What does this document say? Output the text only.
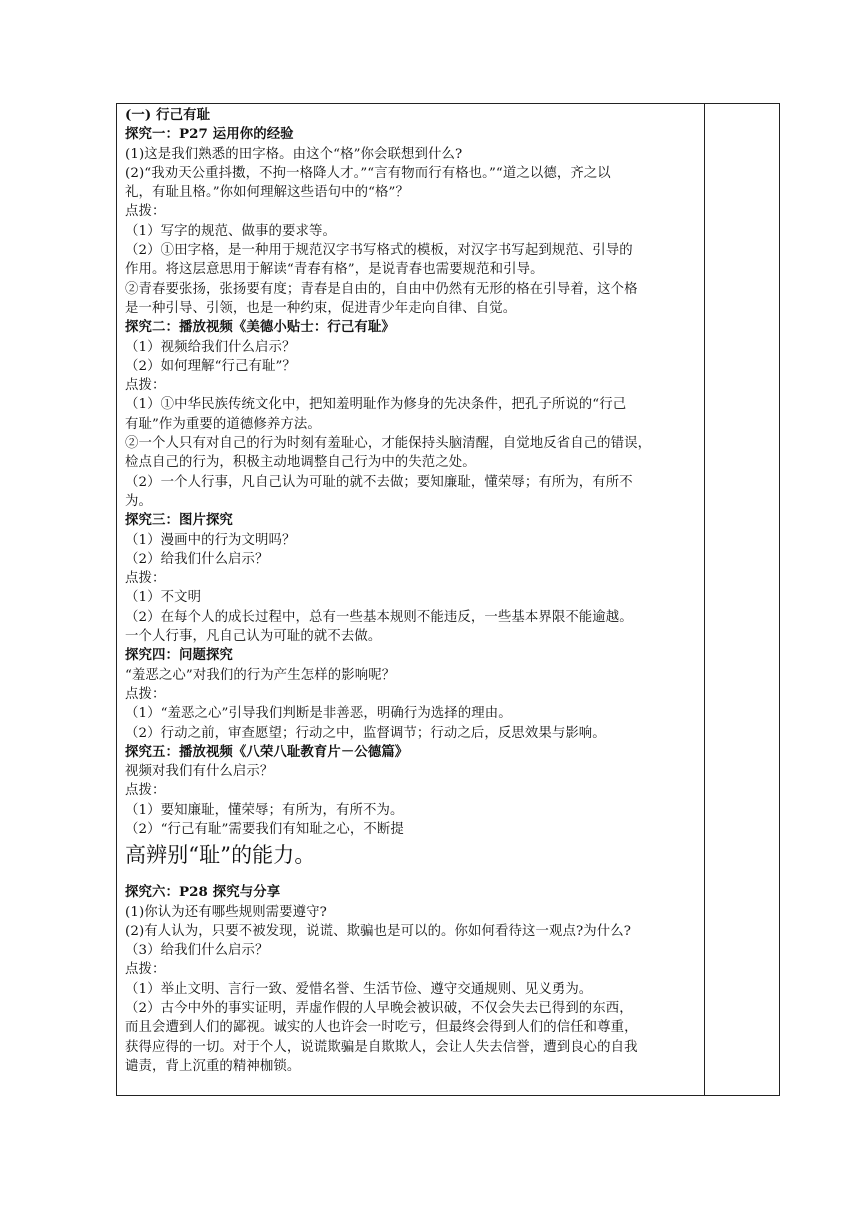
(一) 行己有耻
探究一：P27 运用你的经验
(1)这是我们熟悉的田字格。由这个“格”你会联想到什么?
(2)“我劝天公重抖擞，不拘一格降人才。”“言有物而行有格也。”“道之以德，齐之以
礼，有耻且格。”你如何理解这些语句中的“格”？
点拨：
（1）写字的规范、做事的要求等。
（2）①田字格，是一种用于规范汉字书写格式的模板，对汉字书写起到规范、引导的
作用。将这层意思用于解读“青春有格”，是说青春也需要规范和引导。
②青春要张扬，张扬要有度；青春是自由的，自由中仍然有无形的格在引导着，这个格
是一种引导、引领，也是一种约束，促进青少年走向自律、自觉。
探究二：播放视频《美德小贴士：行己有耻》
（1）视频给我们什么启示？
（2）如何理解“行己有耻”？
点拨：
（1）①中华民族传统文化中，把知羞明耻作为修身的先决条件，把孔子所说的“行己
有耻”作为重要的道德修养方法。
②一个人只有对自己的行为时刻有羞耻心，才能保持头脑清醒，自觉地反省自己的错误，
检点自己的行为，积极主动地调整自己行为中的失范之处。
（2）一个人行事，凡自己认为可耻的就不去做；要知廉耻，懂荣辱；有所为，有所不
为。
探究三：图片探究
（1）漫画中的行为文明吗？
（2）给我们什么启示？
点拨：
（1）不文明
（2）在每个人的成长过程中，总有一些基本规则不能违反，一些基本界限不能逾越。
一个人行事，凡自己认为可耻的就不去做。
探究四：问题探究
“羞恶之心”对我们的行为产生怎样的影响呢？
点拨：
（1）“羞恶之心”引导我们判断是非善恶，明确行为选择的理由。
（2）行动之前，审查愿望；行动之中，监督调节；行动之后，反思效果与影响。
探究五：播放视频《八荣八耻教育片－公德篇》
视频对我们有什么启示？
点拨：
（1）要知廉耻，懂荣辱；有所为，有所不为。
（2）“行己有耻”需要我们有知耻之心，不断提
高辨别“耻”的能力。
探究六：P28 探究与分享
(1)你认为还有哪些规则需要遵守?
(2)有人认为，只要不被发现，说谎、欺骗也是可以的。你如何看待这一观点?为什么?
（3）给我们什么启示？
点拨：
（1）举止文明、言行一致、爱惜名誉、生活节俭、遵守交通规则、见义勇为。
（2）古今中外的事实证明，弄虚作假的人早晚会被识破，不仅会失去已得到的东西，
而且会遭到人们的鄙视。诚实的人也许会一时吃亏，但最终会得到人们的信任和尊重，
获得应得的一切。对于个人，说谎欺骗是自欺欺人，会让人失去信誉，遭到良心的自我
谴责，背上沉重的精神枷锁。
